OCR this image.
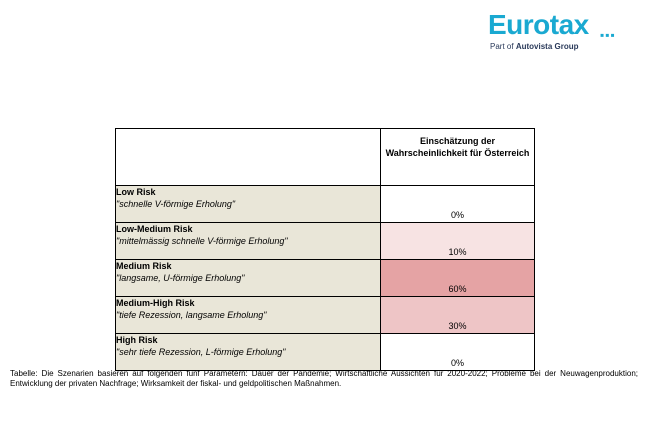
Eurotax ▪▪▪
Part of Autovista Group
	Einschätzung der Wahrscheinlichkeit für Österreich

Low Risk
"schnelle V-förmige Erholung"	0%

Low-Medium Risk
"mittelmässig schnelle V-förmige Erholung"	10%

Medium Risk
"langsame, U-förmige Erholung"	60%

Medium-High Risk
"tiefe Rezession, langsame Erholung"	30%

High Risk
"sehr tiefe Rezession, L-förmige Erholung"	0%
Tabelle: Die Szenarien basieren auf folgenden fünf Parametern: Dauer der Pandemie; Wirtschaftliche Aussichten für 2020-2022; Probleme bei der Neuwagenproduktion; Entwicklung der privaten Nachfrage; Wirksamkeit der fiskal- und geldpolitischen Maßnahmen.
